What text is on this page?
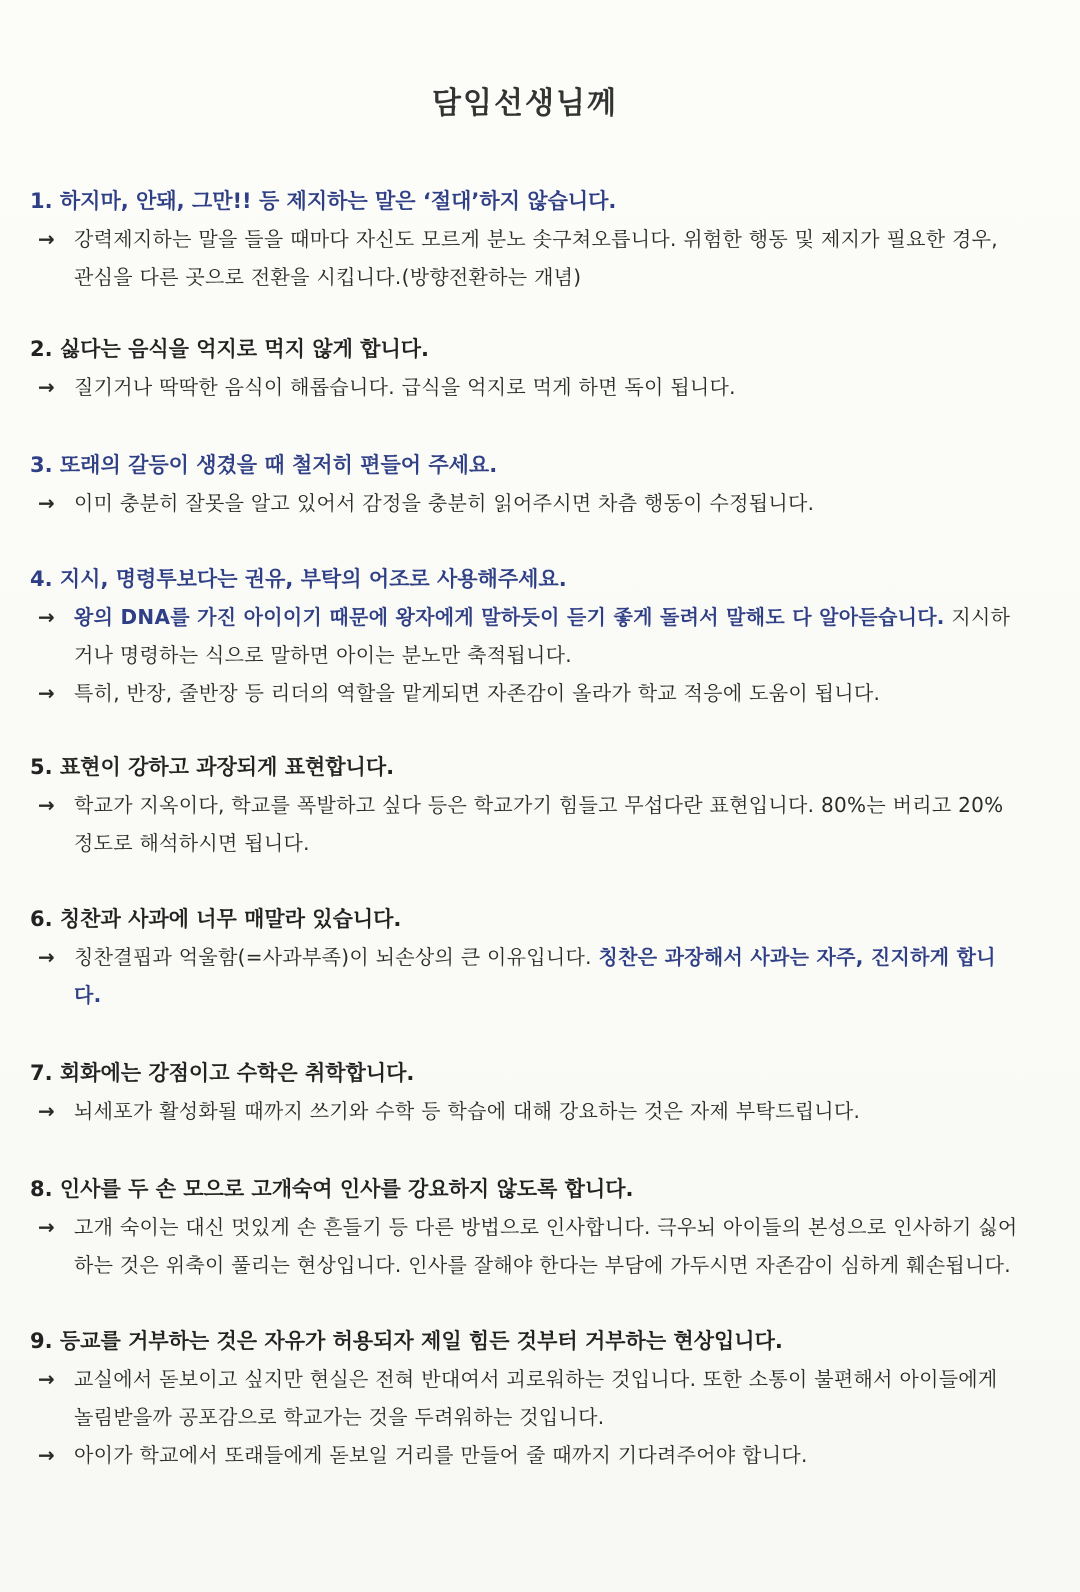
담임선생님께
1. 하지마, 안돼, 그만!! 등 제지하는 말은 ‘절대’하지 않습니다.
→ 강력제지하는 말을 들을 때마다 자신도 모르게 분노 솟구쳐오릅니다. 위험한 행동 및 제지가 필요한 경우, 관심을 다른 곳으로 전환을 시킵니다.(방향전환하는 개념)
2. 싫다는 음식을 억지로 먹지 않게 합니다.
→ 질기거나 딱딱한 음식이 해롭습니다. 급식을 억지로 먹게 하면 독이 됩니다.
3. 또래의 갈등이 생겼을 때 철저히 편들어 주세요.
→ 이미 충분히 잘못을 알고 있어서 감정을 충분히 읽어주시면 차츰 행동이 수정됩니다.
4. 지시, 명령투보다는 권유, 부탁의 어조로 사용해주세요.
→ 왕의 DNA를 가진 아이이기 때문에 왕자에게 말하듯이 듣기 좋게 돌려서 말해도 다 알아듣습니다. 지시하거나 명령하는 식으로 말하면 아이는 분노만 축적됩니다.
→ 특히, 반장, 줄반장 등 리더의 역할을 맡게되면 자존감이 올라가 학교 적응에 도움이 됩니다.
5. 표현이 강하고 과장되게 표현합니다.
→ 학교가 지옥이다, 학교를 폭발하고 싶다 등은 학교가기 힘들고 무섭다란 표현입니다. 80%는 버리고 20%정도로 해석하시면 됩니다.
6. 칭찬과 사과에 너무 매말라 있습니다.
→ 칭찬결핍과 억울함(=사과부족)이 뇌손상의 큰 이유입니다. 칭찬은 과장해서 사과는 자주, 진지하게 합니다.
7. 회화에는 강점이고 수학은 취학합니다.
→ 뇌세포가 활성화될 때까지 쓰기와 수학 등 학습에 대해 강요하는 것은 자제 부탁드립니다.
8. 인사를 두 손 모으로 고개숙여 인사를 강요하지 않도록 합니다.
→ 고개 숙이는 대신 멋있게 손 흔들기 등 다른 방법으로 인사합니다. 극우뇌 아이들의 본성으로 인사하기 싫어하는 것은 위축이 풀리는 현상입니다. 인사를 잘해야 한다는 부담에 가두시면 자존감이 심하게 훼손됩니다.
9. 등교를 거부하는 것은 자유가 허용되자 제일 힘든 것부터 거부하는 현상입니다.
→ 교실에서 돋보이고 싶지만 현실은 전혀 반대여서 괴로워하는 것입니다. 또한 소통이 불편해서 아이들에게 놀림받을까 공포감으로 학교가는 것을 두려워하는 것입니다.
→ 아이가 학교에서 또래들에게 돋보일 거리를 만들어 줄 때까지 기다려주어야 합니다.
